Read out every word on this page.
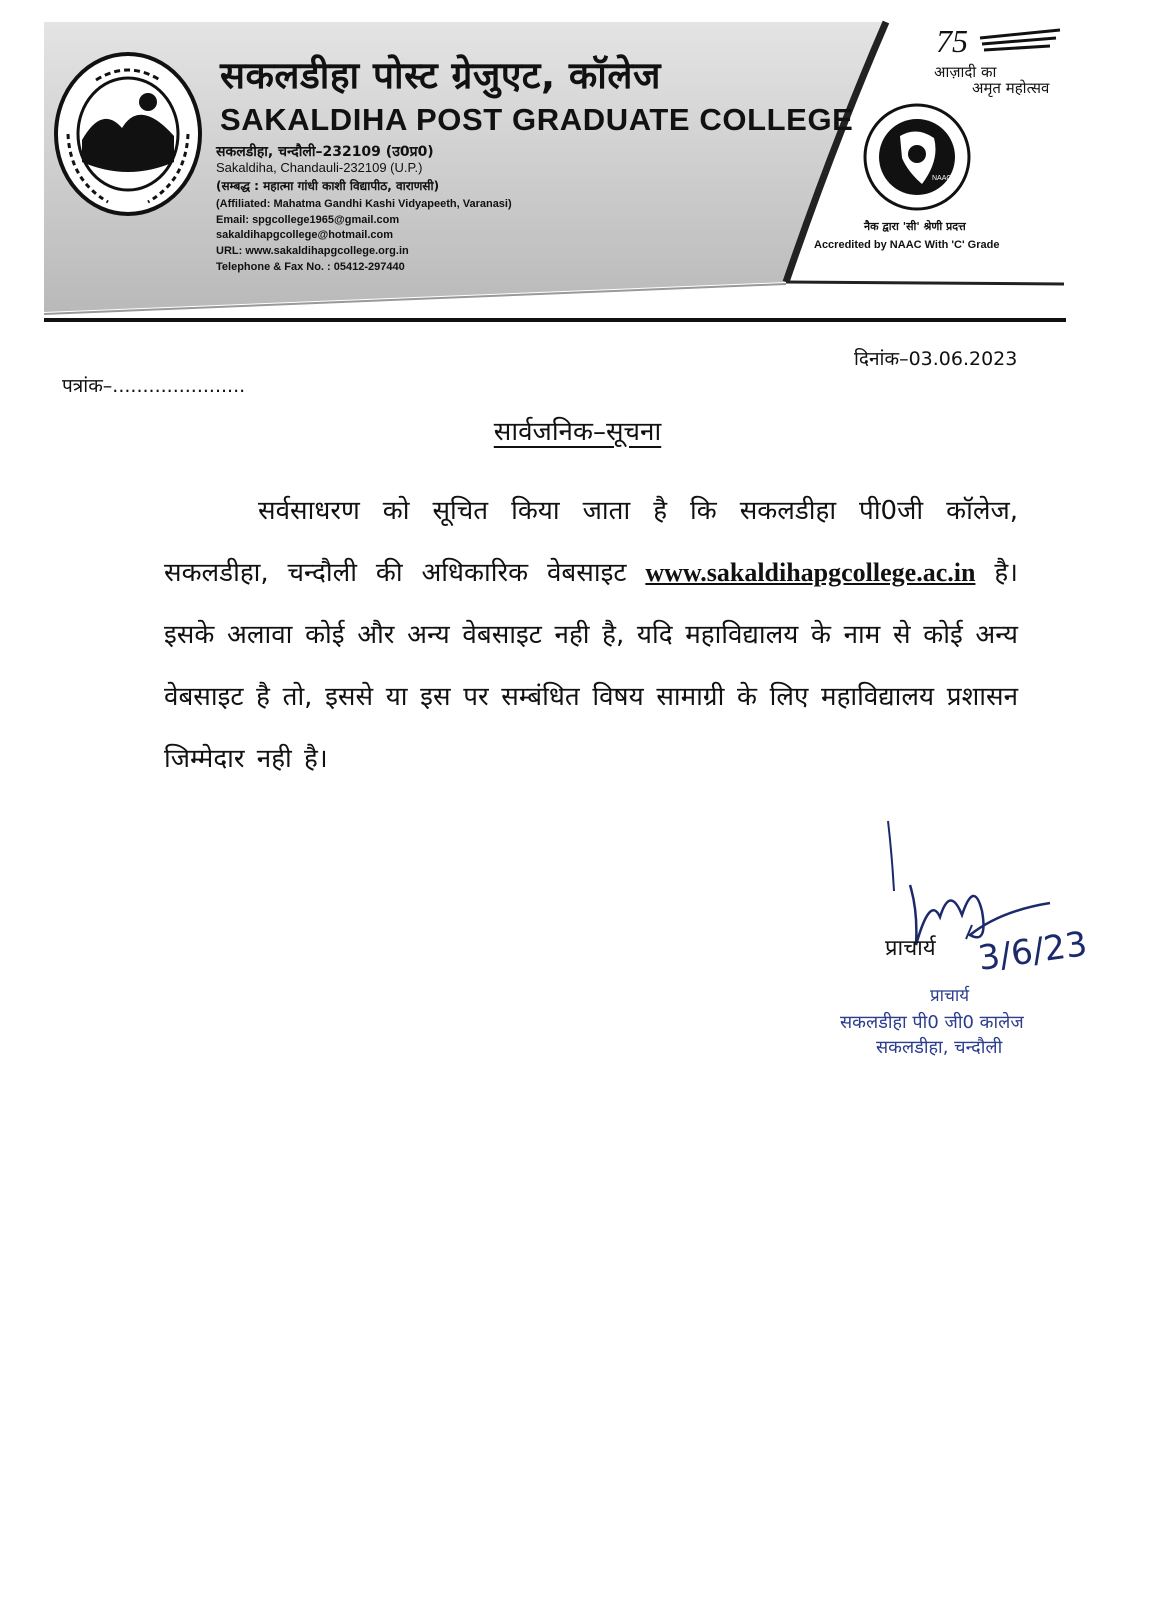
सकलडीहा पोस्ट ग्रेजुएट, कॉलेज
SAKALDIHA POST GRADUATE COLLEGE
सकलडीहा, चन्दौली–232109 (उ0प्र0)
Sakaldiha, Chandauli-232109 (U.P.)
(सम्बद्ध : महात्मा गांधी काशी विद्यापीठ, वाराणसी)
(Affiliated: Mahatma Gandhi Kashi Vidyapeeth, Varanasi)
Email: spgcollege1965@gmail.com
sakaldihapgcollege@hotmail.com
URL: www.sakaldihapgcollege.org.in
Telephone & Fax No. : 05412-297440
75
आज़ादी का
अमृत महोत्सव
NAAC
नैक द्वारा 'सी' श्रेणी प्रदत्त
Accredited by NAAC With 'C' Grade
दिनांक–03.06.2023
पत्रांक–......................
सार्वजनिक–सूचना

सर्वसाधरण को सूचित किया जाता है कि सकलडीहा पी0जी कॉलेज, सकलडीहा, चन्दौली की अधिकारिक वेबसाइट www.sakaldihapgcollege.ac.in है। इसके अलावा कोई और अन्य वेबसाइट नही है, यदि महाविद्यालय के नाम से कोई अन्य वेबसाइट है तो, इससे या इस पर सम्बंधित विषय सामाग्री के लिए महाविद्यालय प्रशासन जिम्मेदार नही है।

3/6/23
प्राचार्य
प्राचार्य
सकलडीहा पी0 जी0 कालेज
सकलडीहा, चन्दौली
